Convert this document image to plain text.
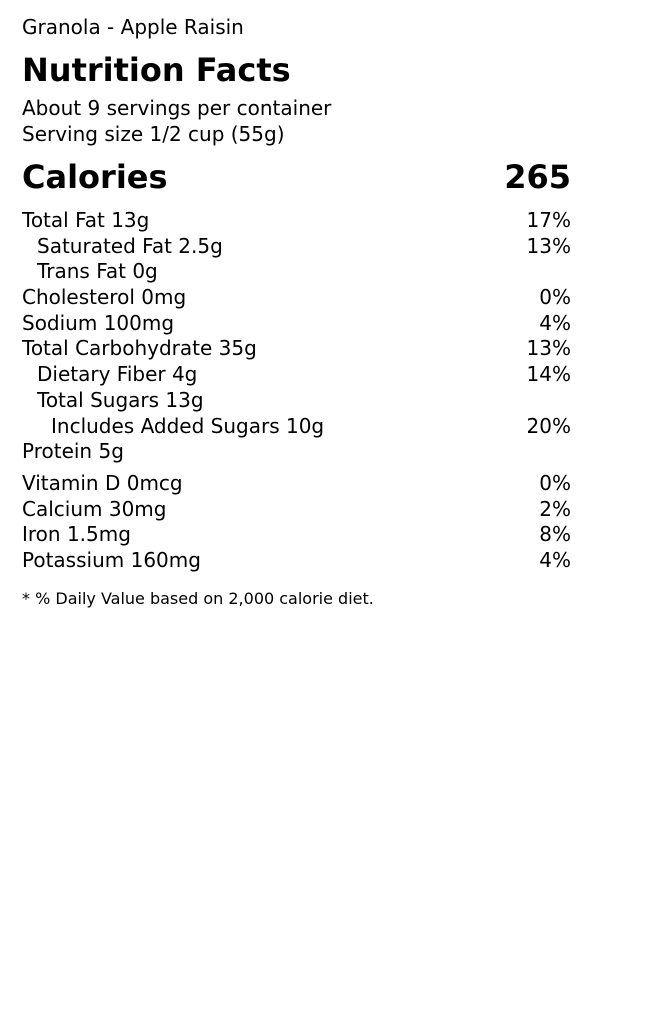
Granola - Apple Raisin
Nutrition Facts
About 9 servings per container
Serving size 1/2 cup (55g)
Calories	265
Total Fat 13g	17%
Saturated Fat 2.5g	13%
Trans Fat 0g
Cholesterol 0mg	0%
Sodium 100mg	4%
Total Carbohydrate 35g	13%
Dietary Fiber 4g	14%
Total Sugars 13g
Includes Added Sugars 10g	20%
Protein 5g
Vitamin D 0mcg	0%
Calcium 30mg	2%
Iron 1.5mg	8%
Potassium 160mg	4%
* % Daily Value based on 2,000 calorie diet.
